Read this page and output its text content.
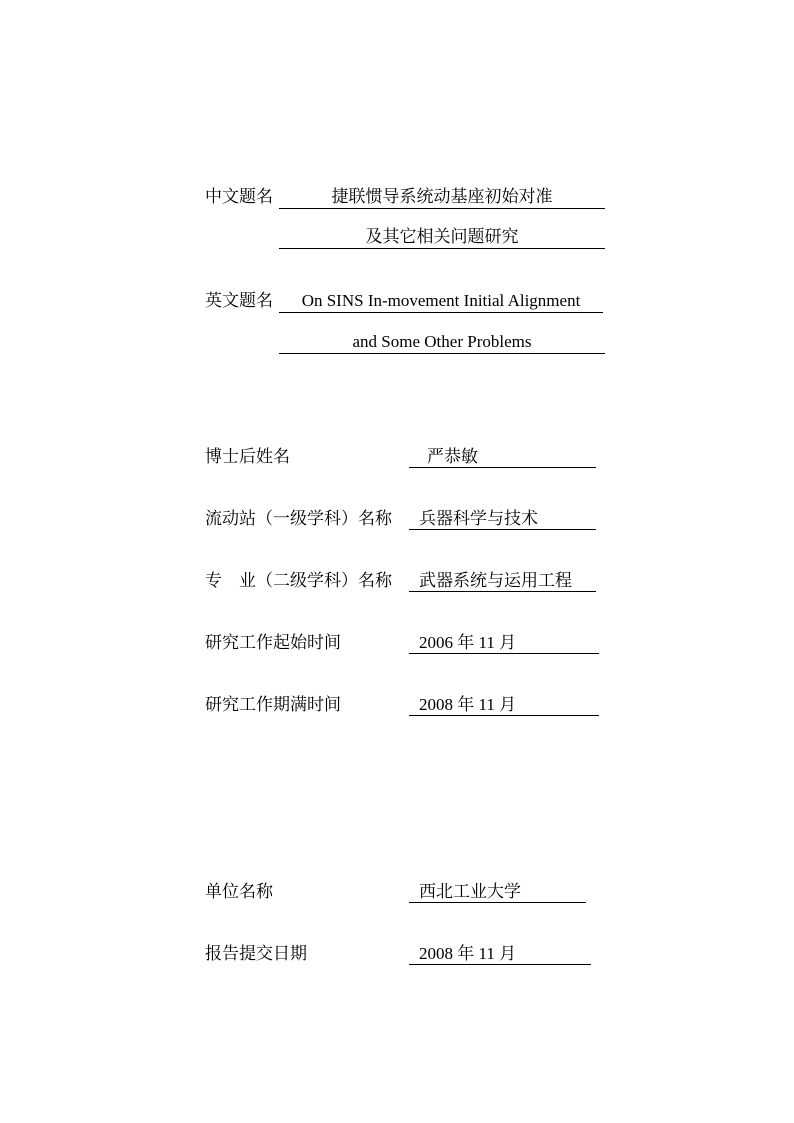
中文题名	捷联惯导系统动基座初始对准
及其它相关问题研究
英文题名	On SINS In-movement Initial Alignment
and Some Other Problems
博士后姓名	严恭敏
流动站（一级学科）名称	兵器科学与技术
专　业（二级学科）名称	武器系统与运用工程
研究工作起始时间	2006 年 11 月
研究工作期满时间	2008 年 11 月
单位名称	西北工业大学
报告提交日期	2008 年 11 月
